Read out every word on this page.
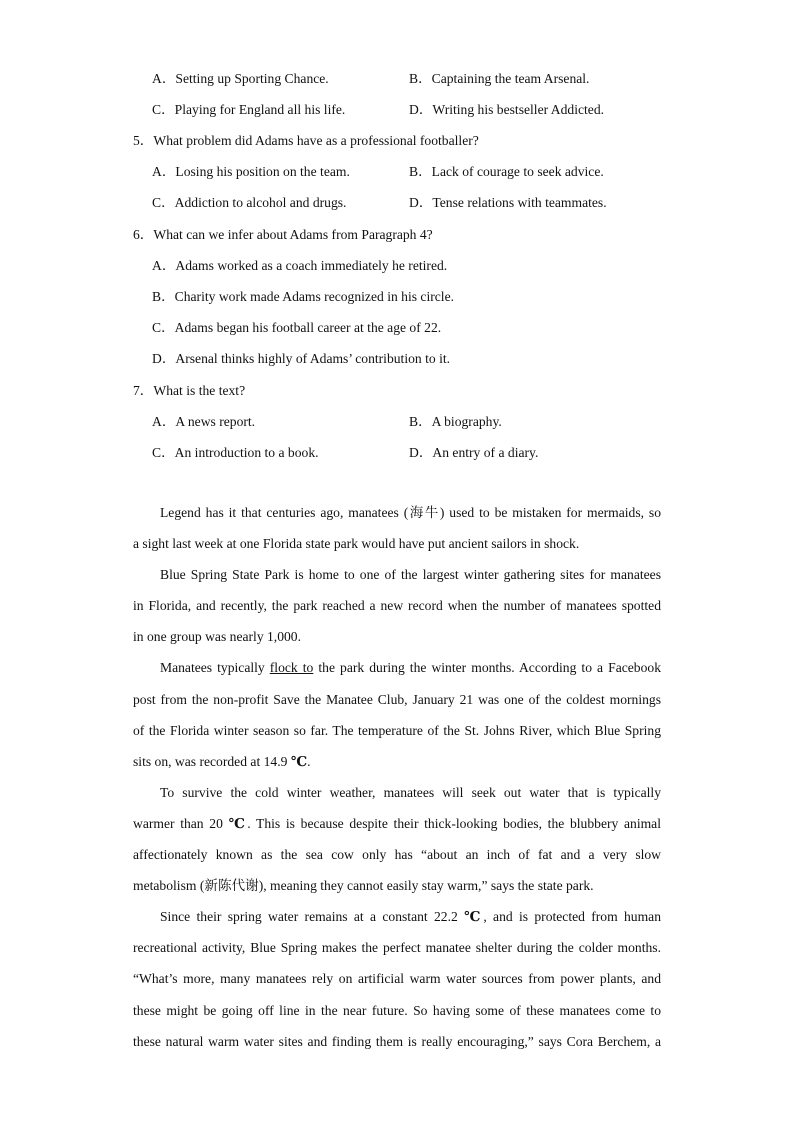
A．Setting up Sporting Chance.	B．Captaining the team Arsenal.
C．Playing for England all his life.	D．Writing his bestseller Addicted.
5．What problem did Adams have as a professional footballer?
A．Losing his position on the team.	B．Lack of courage to seek advice.
C．Addiction to alcohol and drugs.	D．Tense relations with teammates.
6．What can we infer about Adams from Paragraph 4?
A．Adams worked as a coach immediately he retired.
B．Charity work made Adams recognized in his circle.
C．Adams began his football career at the age of 22.
D．Arsenal thinks highly of Adams’ contribution to it.
7．What is the text?
A．A news report.	B．A biography.
C．An introduction to a book.	D．An entry of a diary.
Legend has it that centuries ago, manatees (海牛) used to be mistaken for mermaids, so
a sight last week at one Florida state park would have put ancient sailors in shock.
Blue Spring State Park is home to one of the largest winter gathering sites for manatees
in Florida, and recently, the park reached a new record when the number of manatees spotted
in one group was nearly 1,000.
Manatees typically flock to the park during the winter months. According to a Facebook
post from the non-profit Save the Manatee Club, January 21 was one of the coldest mornings
of the Florida winter season so far. The temperature of the St. Johns River, which Blue Spring
sits on, was recorded at 14.9 ℃.
To survive the cold winter weather, manatees will seek out water that is typically
warmer than 20 ℃. This is because despite their thick-looking bodies, the blubbery animal
affectionately known as the sea cow only has “about an inch of fat and a very slow
metabolism (新陈代谢), meaning they cannot easily stay warm,” says the state park.
Since their spring water remains at a constant 22.2 ℃, and is protected from human
recreational activity, Blue Spring makes the perfect manatee shelter during the colder months.
“What’s more, many manatees rely on artificial warm water sources from power plants, and
these might be going off line in the near future. So having some of these manatees come to
these natural warm water sites and finding them is really encouraging,” says Cora Berchem, a
